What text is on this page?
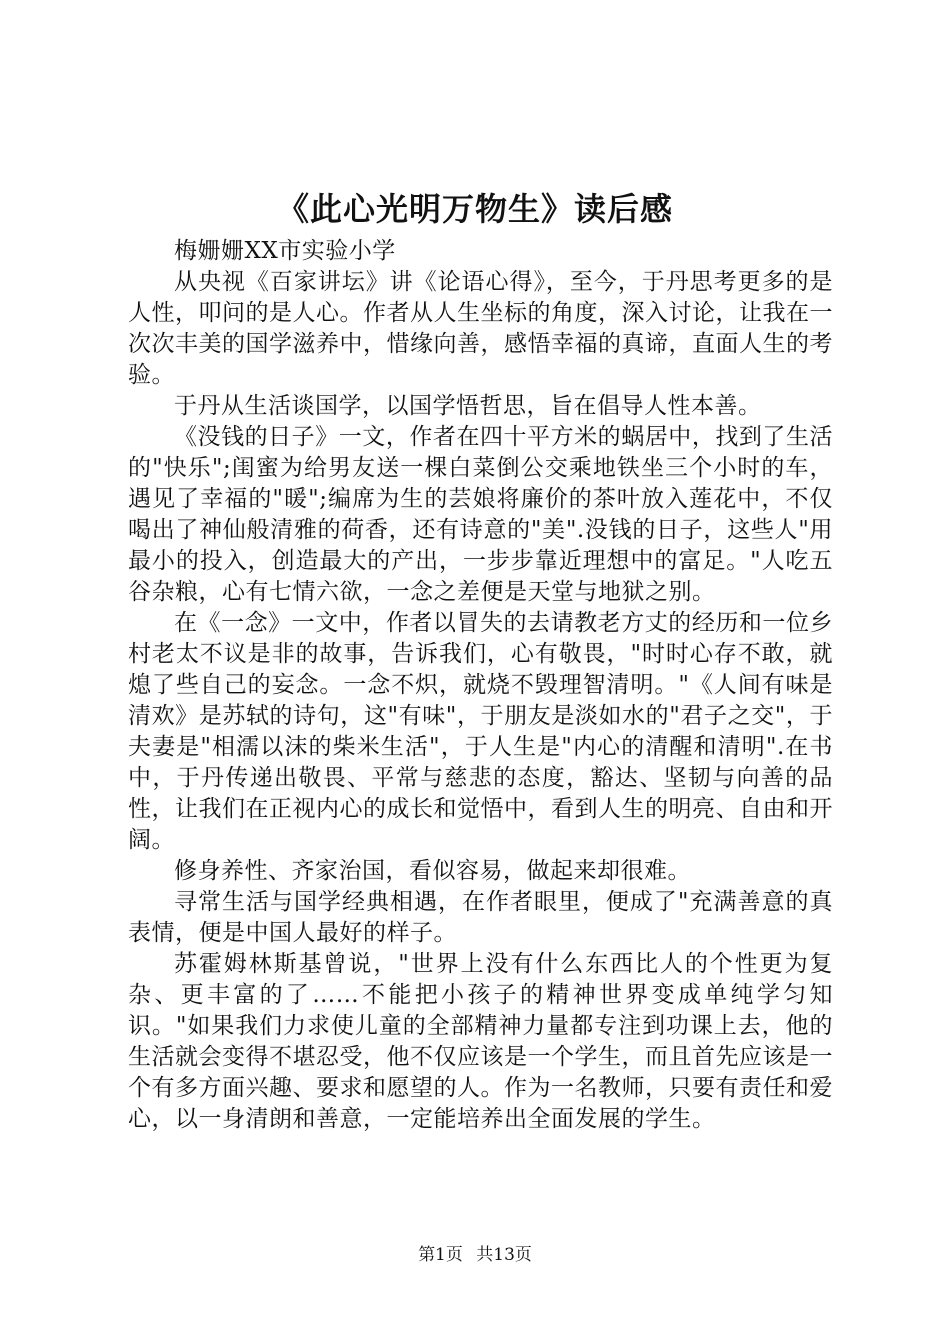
《此心光明万物生》读后感

梅姗姗XX市实验小学

从央视《百家讲坛》讲《论语心得》，至今，于丹思考更多的是人性，叩问的是人心。作者从人生坐标的角度，深入讨论，让我在一次次丰美的国学滋养中，惜缘向善，感悟幸福的真谛，直面人生的考验。

于丹从生活谈国学，以国学悟哲思，旨在倡导人性本善。

《没钱的日子》一文，作者在四十平方米的蜗居中，找到了生活的"快乐";闺蜜为给男友送一棵白菜倒公交乘地铁坐三个小时的车，遇见了幸福的"暖";编席为生的芸娘将廉价的茶叶放入莲花中，不仅喝出了神仙般清雅的荷香，还有诗意的"美".没钱的日子，这些人"用最小的投入，创造最大的产出，一步步靠近理想中的富足。"人吃五谷杂粮，心有七情六欲，一念之差便是天堂与地狱之别。

在《一念》一文中，作者以冒失的去请教老方丈的经历和一位乡村老太不议是非的故事，告诉我们，心有敬畏，"时时心存不敢，就熄了些自己的妄念。一念不炽，就烧不毁理智清明。"《人间有味是清欢》是苏轼的诗句，这"有味"，于朋友是淡如水的"君子之交"，于夫妻是"相濡以沫的柴米生活"，于人生是"内心的清醒和清明".在书中，于丹传递出敬畏、平常与慈悲的态度，豁达、坚韧与向善的品性，让我们在正视内心的成长和觉悟中，看到人生的明亮、自由和开阔。

修身养性、齐家治国，看似容易，做起来却很难。

寻常生活与国学经典相遇，在作者眼里，便成了"充满善意的真表情，便是中国人最好的样子。

苏霍姆林斯基曾说，"世界上没有什么东西比人的个性更为复杂、更丰富的了……不能把小孩子的精神世界变成单纯学匀知识。"如果我们力求使儿童的全部精神力量都专注到功课上去，他的生活就会变得不堪忍受，他不仅应该是一个学生，而且首先应该是一个有多方面兴趣、要求和愿望的人。作为一名教师，只要有责任和爱心，以一身清朗和善意，一定能培养出全面发展的学生。

第1页 共13页
